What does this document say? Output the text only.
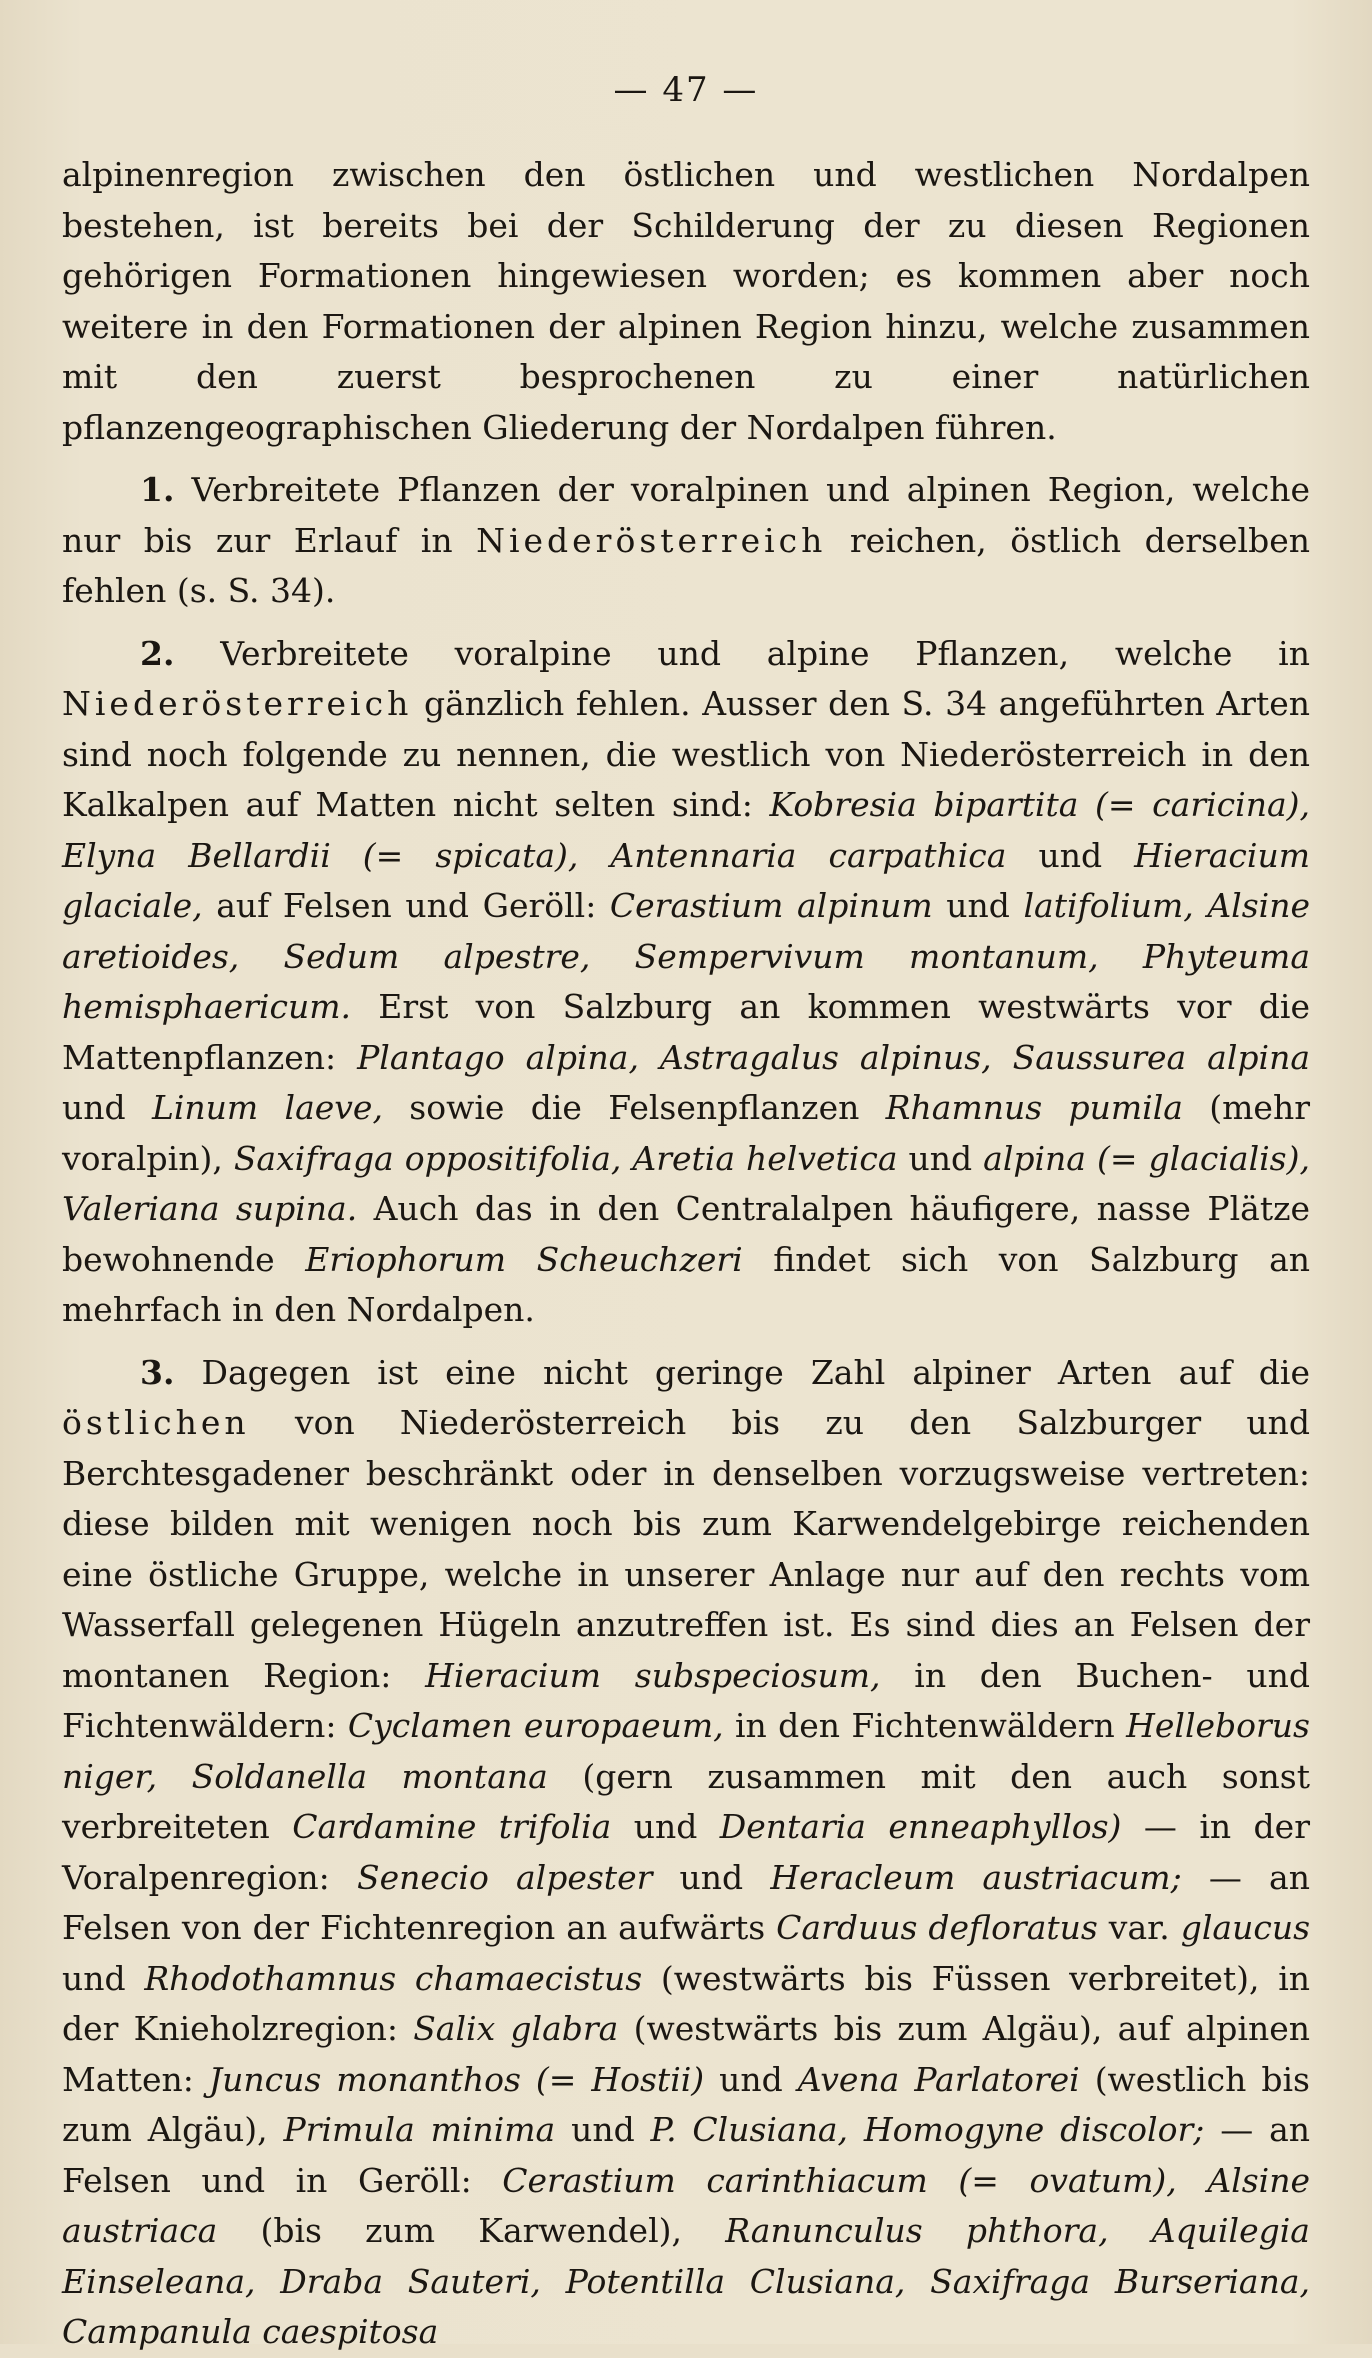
— 47 —

alpinenregion zwischen den östlichen und westlichen Nordalpen bestehen, ist bereits bei der Schilderung der zu diesen Regionen gehörigen Formationen hingewiesen worden; es kommen aber noch weitere in den Formationen der alpinen Region hinzu, welche zusammen mit den zuerst besprochenen zu einer natürlichen pflanzengeographischen Gliederung der Nordalpen führen.

1. Verbreitete Pflanzen der voralpinen und alpinen Region, welche nur bis zur Erlauf in Niederösterreich reichen, östlich derselben fehlen (s. S. 34).

2. Verbreitete voralpine und alpine Pflanzen, welche in Niederösterreich gänzlich fehlen. Ausser den S. 34 angeführten Arten sind noch folgende zu nennen, die westlich von Niederösterreich in den Kalkalpen auf Matten nicht selten sind: Kobresia bipartita (= caricina), Elyna Bellardii (= spicata), Antennaria carpathica und Hieracium glaciale, auf Felsen und Geröll: Cerastium alpinum und latifolium, Alsine aretioides, Sedum alpestre, Sempervivum montanum, Phyteuma hemisphaericum. Erst von Salzburg an kommen westwärts vor die Mattenpflanzen: Plantago alpina, Astragalus alpinus, Saussurea alpina und Linum laeve, sowie die Felsenpflanzen Rhamnus pumila (mehr voralpin), Saxifraga oppositifolia, Aretia helvetica und alpina (= glacialis), Valeriana supina. Auch das in den Centralalpen häufigere, nasse Plätze bewohnende Eriophorum Scheuchzeri findet sich von Salzburg an mehrfach in den Nordalpen.

3. Dagegen ist eine nicht geringe Zahl alpiner Arten auf die östlichen von Niederösterreich bis zu den Salzburger und Berchtesgadener beschränkt oder in denselben vorzugsweise vertreten: diese bilden mit wenigen noch bis zum Karwendelgebirge reichenden eine östliche Gruppe, welche in unserer Anlage nur auf den rechts vom Wasserfall gelegenen Hügeln anzutreffen ist. Es sind dies an Felsen der montanen Region: Hieracium subspeciosum, in den Buchen- und Fichtenwäldern: Cyclamen europaeum, in den Fichtenwäldern Helleborus niger, Soldanella montana (gern zusammen mit den auch sonst verbreiteten Cardamine trifolia und Dentaria enneaphyllos) — in der Voralpenregion: Senecio alpester und Heracleum austriacum; — an Felsen von der Fichtenregion an aufwärts Carduus defloratus var. glaucus und Rhodothamnus chamaecistus (westwärts bis Füssen verbreitet), in der Knieholzregion: Salix glabra (westwärts bis zum Algäu), auf alpinen Matten: Juncus monanthos (= Hostii) und Avena Parlatorei (westlich bis zum Algäu), Primula minima und P. Clusiana, Homogyne discolor; — an Felsen und in Geröll: Cerastium carinthiacum (= ovatum), Alsine austriaca (bis zum Karwendel), Ranunculus phthora, Aquilegia Einseleana, Draba Sauteri, Potentilla Clusiana, Saxifraga Burseriana, Campanula caespitosa
